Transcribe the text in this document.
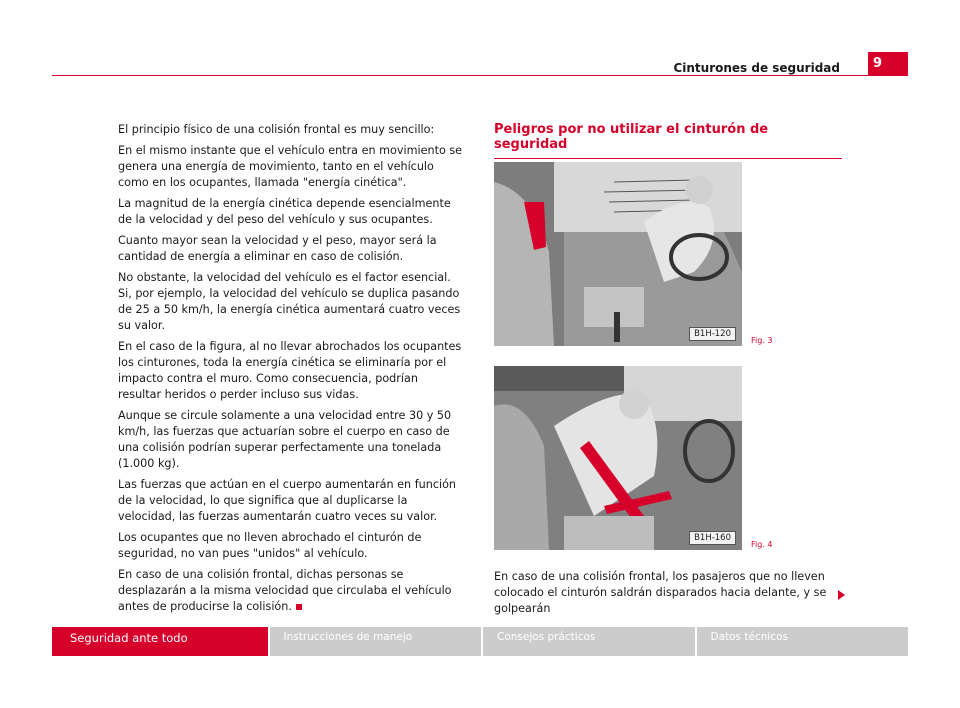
Cinturones de seguridad	9

El principio físico de una colisión frontal es muy sencillo:

En el mismo instante que el vehículo entra en movimiento se genera una energía de movimiento, tanto en el vehículo como en los ocupantes, llamada "energía cinética".

La magnitud de la energía cinética depende esencialmente de la velocidad y del peso del vehículo y sus ocupantes.

Cuanto mayor sean la velocidad y el peso, mayor será la cantidad de energía a eliminar en caso de colisión.

No obstante, la velocidad del vehículo es el factor esencial. Si, por ejemplo, la velocidad del vehículo se duplica pasando de 25 a 50 km/h, la energía cinética aumentará cuatro veces su valor.

En el caso de la figura, al no llevar abrochados los ocupantes los cinturones, toda la energía cinética se eliminaría por el impacto contra el muro. Como consecuencia, podrían resultar heridos o perder incluso sus vidas.

Aunque se circule solamente a una velocidad entre 30 y 50 km/h, las fuerzas que actuarían sobre el cuerpo en caso de una colisión podrían superar perfectamente una tonelada (1.000 kg).

Las fuerzas que actúan en el cuerpo aumentarán en función de la velocidad, lo que significa que al duplicarse la velocidad, las fuerzas aumentarán cuatro veces su valor.

Los ocupantes que no lleven abrochado el cinturón de seguridad, no van pues "unidos" al vehículo.

En caso de una colisión frontal, dichas personas se desplazarán a la misma velocidad que circulaba el vehículo antes de producirse la colisión.

Peligros por no utilizar el cinturón de seguridad
B1H-120
Fig. 3
B1H-160
Fig. 4

En caso de una colisión frontal, los pasajeros que no lleven colocado el cinturón saldrán disparados hacia delante, y se golpearán

Seguridad ante todo	Instrucciones de manejo	Consejos prácticos	Datos técnicos
